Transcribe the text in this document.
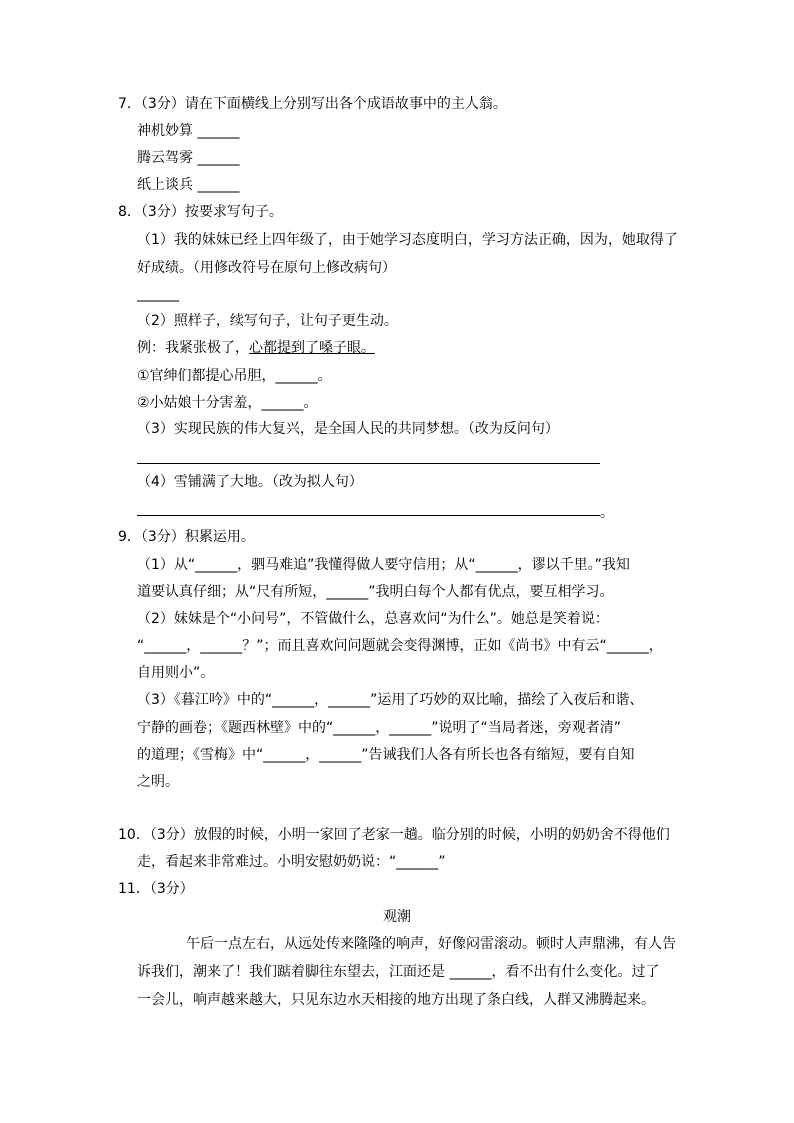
7．（3分）请在下面横线上分别写出各个成语故事中的主人翁。
神机妙算 ______
腾云驾雾 ______
纸上谈兵 ______
8．（3分）按要求写句子。
（1）我的妹妹已经上四年级了，由于她学习态度明白，学习方法正确，因为，她取得了
好成绩。（用修改符号在原句上修改病句）
______
（2）照样子，续写句子，让句子更生动。
例：我紧张极了，心都提到了嗓子眼。
①官绅们都提心吊胆，______。
②小姑娘十分害羞，______。
（3）实现民族的伟大复兴，是全国人民的共同梦想。（改为反问句）
（4）雪铺满了大地。（改为拟人句）
。
9．（3分）积累运用。
（1）从“______，驷马难追”我懂得做人要守信用；从“______，谬以千里。”我知
道要认真仔细；从“尺有所短，______”我明白每个人都有优点，要互相学习。
（2）妹妹是个“小问号”，不管做什么，总喜欢问“为什么”。她总是笑着说：
“______，______？”；而且喜欢问问题就会变得渊博，正如《尚书》中有云“______，
自用则小”。
（3）《暮江吟》中的“______，______”运用了巧妙的双比喻，描绘了入夜后和谐、
宁静的画卷；《题西林壁》中的“______，______”说明了“当局者迷，旁观者清”
的道理；《雪梅》中“______，______”告诫我们人各有所长也各有缩短，要有自知
之明。
10．（3分）放假的时候，小明一家回了老家一趟。临分别的时候，小明的奶奶舍不得他们
走，看起来非常难过。小明安慰奶奶说：“______”
11．（3分）
观潮
午后一点左右，从远处传来隆隆的响声，好像闷雷滚动。顿时人声鼎沸，有人告
诉我们，潮来了！我们踮着脚往东望去，江面还是 ______，看不出有什么变化。过了
一会儿，响声越来越大，只见东边水天相接的地方出现了条白线，人群又沸腾起来。
